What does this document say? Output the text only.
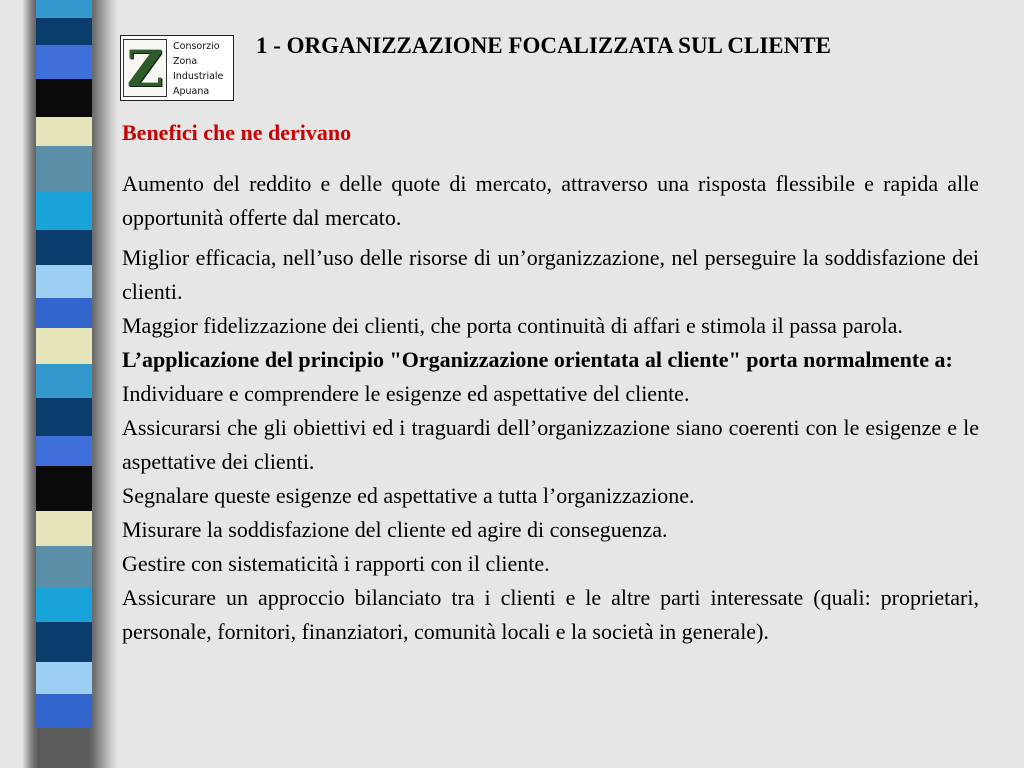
Z	Consorzio
Zona
Industriale
Apuana
1 - ORGANIZZAZIONE FOCALIZZATA SUL CLIENTE
Benefici che ne derivano

Aumento del reddito e delle quote di mercato, attraverso una risposta flessibile e rapida alle opportunità offerte dal mercato.

Miglior efficacia, nell’uso delle risorse di un’organizzazione, nel perseguire la soddisfazione dei clienti.

Maggior fidelizzazione dei clienti, che porta continuità di affari e stimola il passa parola.

L’applicazione del principio "Organizzazione orientata al cliente" porta normalmente a:

Individuare e comprendere le esigenze ed aspettative del cliente.

Assicurarsi che gli obiettivi ed i traguardi dell’organizzazione siano coerenti con le esigenze e le aspettative dei clienti.

Segnalare queste esigenze ed aspettative a tutta l’organizzazione.

Misurare la soddisfazione del cliente ed agire di conseguenza.

Gestire con sistematicità i rapporti con il cliente.

Assicurare un approccio bilanciato tra i clienti e le altre parti interessate (quali: proprietari, personale, fornitori, finanziatori, comunità locali e la società in generale).
